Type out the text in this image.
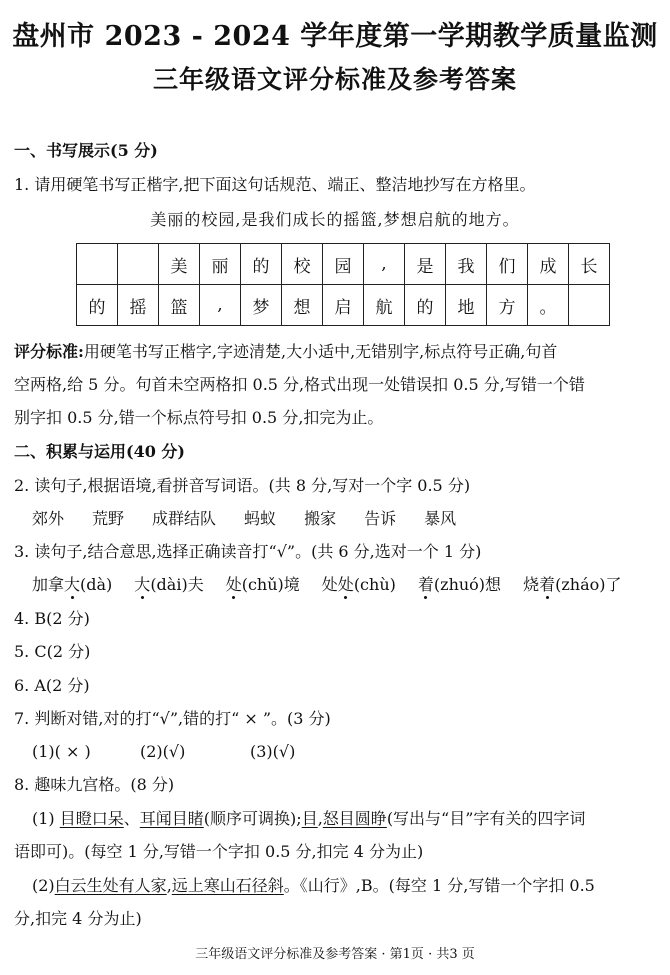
盘州市 2023 - 2024 学年度第一学期教学质量监测
三年级语文评分标准及参考答案
一、书写展示(5 分)
1. 请用硬笔书写正楷字,把下面这句话规范、端正、整洁地抄写在方格里。
美丽的校园,是我们成长的摇篮,梦想启航的地方。
		美	丽	的	校	园	,	是	我	们	成	长
的	摇	篮	,	梦	想	启	航	的	地	方	。	
评分标准:用硬笔书写正楷字,字迹清楚,大小适中,无错别字,标点符号正确,句首
空两格,给 5 分。句首未空两格扣 0.5 分,格式出现一处错误扣 0.5 分,写错一个错
别字扣 0.5 分,错一个标点符号扣 0.5 分,扣完为止。
二、积累与运用(40 分)
2. 读句子,根据语境,看拼音写词语。(共 8 分,写对一个字 0.5 分)
郊外 荒野 成群结队 蚂蚁 搬家 告诉 暴风
3. 读句子,结合意思,选择正确读音打“√”。(共 6 分,选对一个 1 分)
加拿大(dà) 大(dài)夫 处(chǔ)境 处处(chù) 着(zhuó)想 烧着(zháo)了
4. B(2 分)
5. C(2 分)
6. A(2 分)
7. 判断对错,对的打“√”,错的打“ × ”。(3 分)
(1)( × )	(2)(√)	(3)(√)
8. 趣味九宫格。(8 分)
(1) 目瞪口呆、耳闻目睹(顺序可调换);目,怒目圆睁(写出与“目”字有关的四字词
语即可)。(每空 1 分,写错一个字扣 0.5 分,扣完 4 分为止)
(2)白云生处有人家,远上寒山石径斜。《山行》,B。(每空 1 分,写错一个字扣 0.5
分,扣完 4 分为止)
三年级语文评分标准及参考答案 · 第1页 · 共3 页
